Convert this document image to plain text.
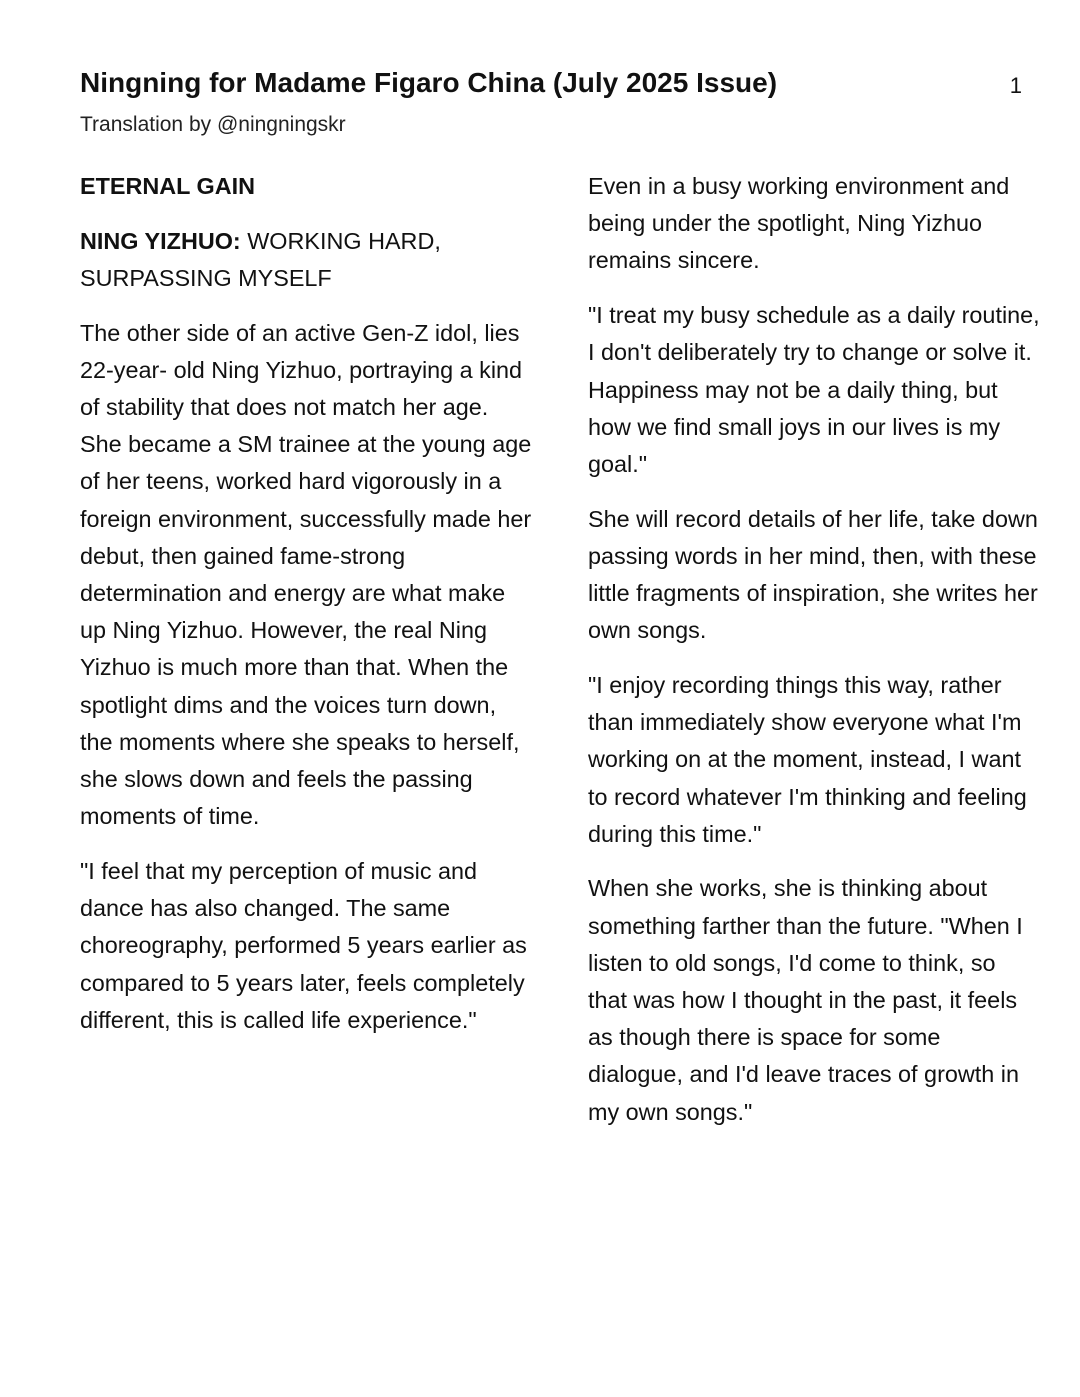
Ningning for Madame Figaro China (July 2025 Issue)	1
Translation by @ningningskr

ETERNAL GAIN

NING YIZHUO: WORKING HARD, SURPASSING MYSELF

The other side of an active Gen-Z idol, lies 22-year- old Ning Yizhuo, portraying a kind of stability that does not match her age. She became a SM trainee at the young age of her teens, worked hard vigorously in a foreign environment, successfully made her debut, then gained fame-strong determination and energy are what make up Ning Yizhuo. However, the real Ning Yizhuo is much more than that. When the spotlight dims and the voices turn down, the moments where she speaks to herself, she slows down and feels the passing moments of time.

"I feel that my perception of music and dance has also changed. The same choreography, performed 5 years earlier as compared to 5 years later, feels completely different, this is called life experience."

Even in a busy working environment and being under the spotlight, Ning Yizhuo remains sincere.

"I treat my busy schedule as a daily routine, I don't deliberately try to change or solve it. Happiness may not be a daily thing, but how we find small joys in our lives is my goal."

She will record details of her life, take down passing words in her mind, then, with these little fragments of inspiration, she writes her own songs.

"I enjoy recording things this way, rather than immediately show everyone what I'm working on at the moment, instead, I want to record whatever I'm thinking and feeling during this time."

When she works, she is thinking about something farther than the future. "When I listen to old songs, I'd come to think, so that was how I thought in the past, it feels as though there is space for some dialogue, and I'd leave traces of growth in my own songs."
